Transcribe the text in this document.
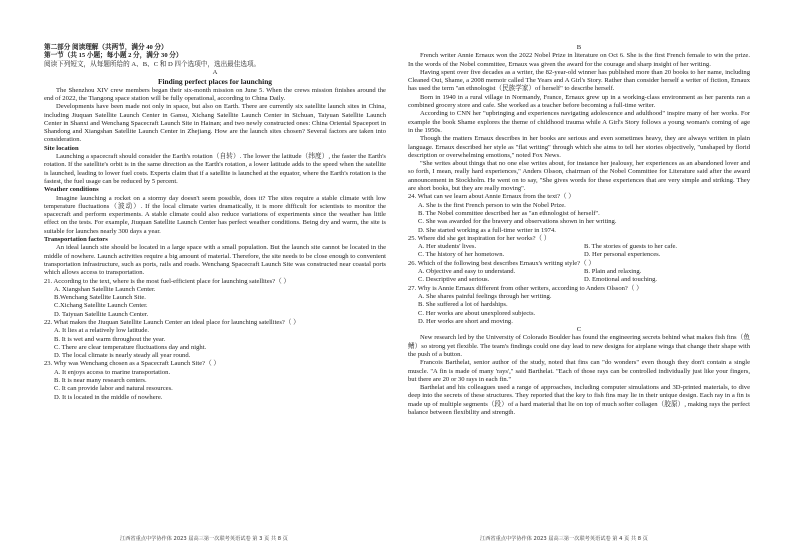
第二部分 阅读理解（共两节，满分 40 分）

第一节（共 15 小题；每小题 2 分，满分 30 分）

阅读下列短文，从每题所给的 A、B、C 和 D 四个选项中，选出最佳选项。

A

Finding perfect places for launching

The Shenzhou XIV crew members began their six-month mission on June 5. When the crews mission finishes around the end of 2022, the Tiangong space station will be fully operational, according to China Daily.

Developments have been made not only in space, but also on Earth. There are currently six satellite launch sites in China, including Jiuquan Satellite Launch Center in Gansu, Xichang Satellite Launch Center in Sichuan, Taiyuan Satellite Launch Center in Shanxi and Wenchang Spacecraft Launch Site in Hainan; and two newly constructed ones: China Oriental Spaceport in Shandong and Xiangshan Satellite Launch Center in Zhejiang. How are the launch sites chosen? Several factors are taken into consideration.

Site location

Launching a spacecraft should consider the Earth's rotation（自转）. The lower the latitude（纬度）, the faster the Earth's rotation. If the satellite's orbit is in the same direction as the Earth's rotation, a lower latitude adds to the speed when the satellite is launched, leading to lower fuel costs. Experts claim that if a satellite is launched at the equator, where the Earth's rotation is the fastest, the fuel usage can be reduced by 5 percent.

Weather conditions

Imagine launching a rocket on a stormy day doesn't seem possible, does it? The sites require a stable climate with low temperature fluctuations（波动）. If the local climate varies dramatically, it is more difficult for scientists to monitor the spacecraft and perform experiments. A stable climate could also reduce variations of experiments since the weather has little effect on the tests. For example, Jiuquan Satellite Launch Center has perfect weather conditions. Being dry and warm, the site is suitable for launches nearly 300 days a year.

Transportation factors

An ideal launch site should be located in a large space with a small population. But the launch site cannot be located in the middle of nowhere. Launch activities require a big amount of material. Therefore, the site needs to be close enough to convenient transportation infrastructure, such as ports, rails and roads. Wenchang Spacecraft Launch Site was constructed near coastal ports which allows access to transportation.

21. According to the text, where is the most fuel-efficient place for launching satellites?（ ）

A. Xiangshan Satellite Launch Center.

B.Wenchang Satellite Launch Site.

C.Xichang Satellite Launch Center.

D. Taiyuan Satellite Launch Center.

22. What makes the Jiuquan Satellite Launch Center an ideal place for launching satellites?（ ）

A. It lies at a relatively low latitude.

B. It is wet and warm throughout the year.

C. There are clear temperature fluctuations day and night.

D. The local climate is nearly steady all year round.

23. Why was Wenchang chosen as a Spacecraft Launch Site?（ ）

A. It enjoys access to marine transportation.

B. It is near many research centers.

C. It can provide labor and natural resources.

D. It is located in the middle of nowhere.

B

French writer Annie Ernaux won the 2022 Nobel Prize in literature on Oct 6. She is the first French female to win the prize. In the words of the Nobel committee, Ernaux was given the award for the courage and sharp insight of her writing.

Having spent over five decades as a writer, the 82-year-old winner has published more than 20 books to her name, including Cleaned Out, Shame, a 2008 memoir called The Years and A Girl's Story. Rather than consider herself a writer of fiction, Ernaux has used the term "an ethnologist（民族学家）of herself" to describe herself.

Born in 1940 in a rural village in Normandy, France, Ernaux grew up in a working-class environment as her parents ran a combined grocery store and cafe. She worked as a teacher before becoming a full-time writer.

According to CNN her "upbringing and experiences navigating adolescence and adulthood" inspire many of her works. For example the book Shame explores the theme of childhood trauma while A Girl's Story follows a young woman's coming of age in the 1950s.

Though the matters Ernaux describes in her books are serious and even sometimes heavy, they are always written in plain language. Ernaux described her style as "flat writing" through which she aims to tell her stories objectively, "unshaped by florid description or overwhelming emotions," noted Fox News.

"She writes about things that no one else writes about, for instance her jealousy, her experiences as an abandoned lover and so forth, I mean, really hard experiences," Anders Olsson, chairman of the Nobel Committee for Literature said after the award announcement in Stockholm. He went on to say, "She gives words for these experiences that are very simple and striking. They are short books, but they are really moving".

24. What can we learn about Annie Ernaux from the text?（ ）

A. She is the first French person to win the Nobel Prize.

B. The Nobel committee described her as "an ethnologist of herself".

C. She was awarded for the bravery and observations shown in her writing.

D. She started working as a full-time writer in 1974.

25. Where did she get inspiration for her works?（ ）

A. Her students' lives.	B. The stories of guests to her cafe.
C. The history of her hometown.	D. Her personal experiences.

26. Which of the following best describes Ernaux's writing style?（ ）

A. Objective and easy to understand.	B. Plain and relaxing.
C. Descriptive and serious.	D. Emotional and touching.

27. Why is Annie Ernaux different from other writers, according to Anders Olsson?（ ）

A. She shares painful feelings through her writing.

B. She suffered a lot of hardships.

C. Her works are about unexplored subjects.

D. Her works are short and moving.

C

New research led by the University of Colorado Boulder has found the engineering secrets behind what makes fish fins（鱼鳍）so strong yet flexible. The team's findings could one day lead to new designs for airplane wings that change their shape with the push of a button.

Francois Barthelat, senior author of the study, noted that fins can "do wonders" even though they don't contain a single muscle. "A fin is made of many 'rays'," said Barthelat. "Each of those rays can be controlled individually just like your fingers, but there are 20 or 30 rays in each fin."

Barthelat and his colleagues used a range of approaches, including computer simulations and 3D-printed materials, to dive deep into the secrets of these structures. They reported that the key to fish fins may lie in their unique design. Each ray in a fin is made up of multiple segments（段）of a hard material that lie on top of much softer collagen（胶原）, making rays the perfect balance between flexibility and strength.

江西省重点中学协作体 2023 届高三第一次联考英语试卷 第 3 页 共 8 页	江西省重点中学协作体 2023 届高三第一次联考英语试卷 第 4 页 共 8 页
